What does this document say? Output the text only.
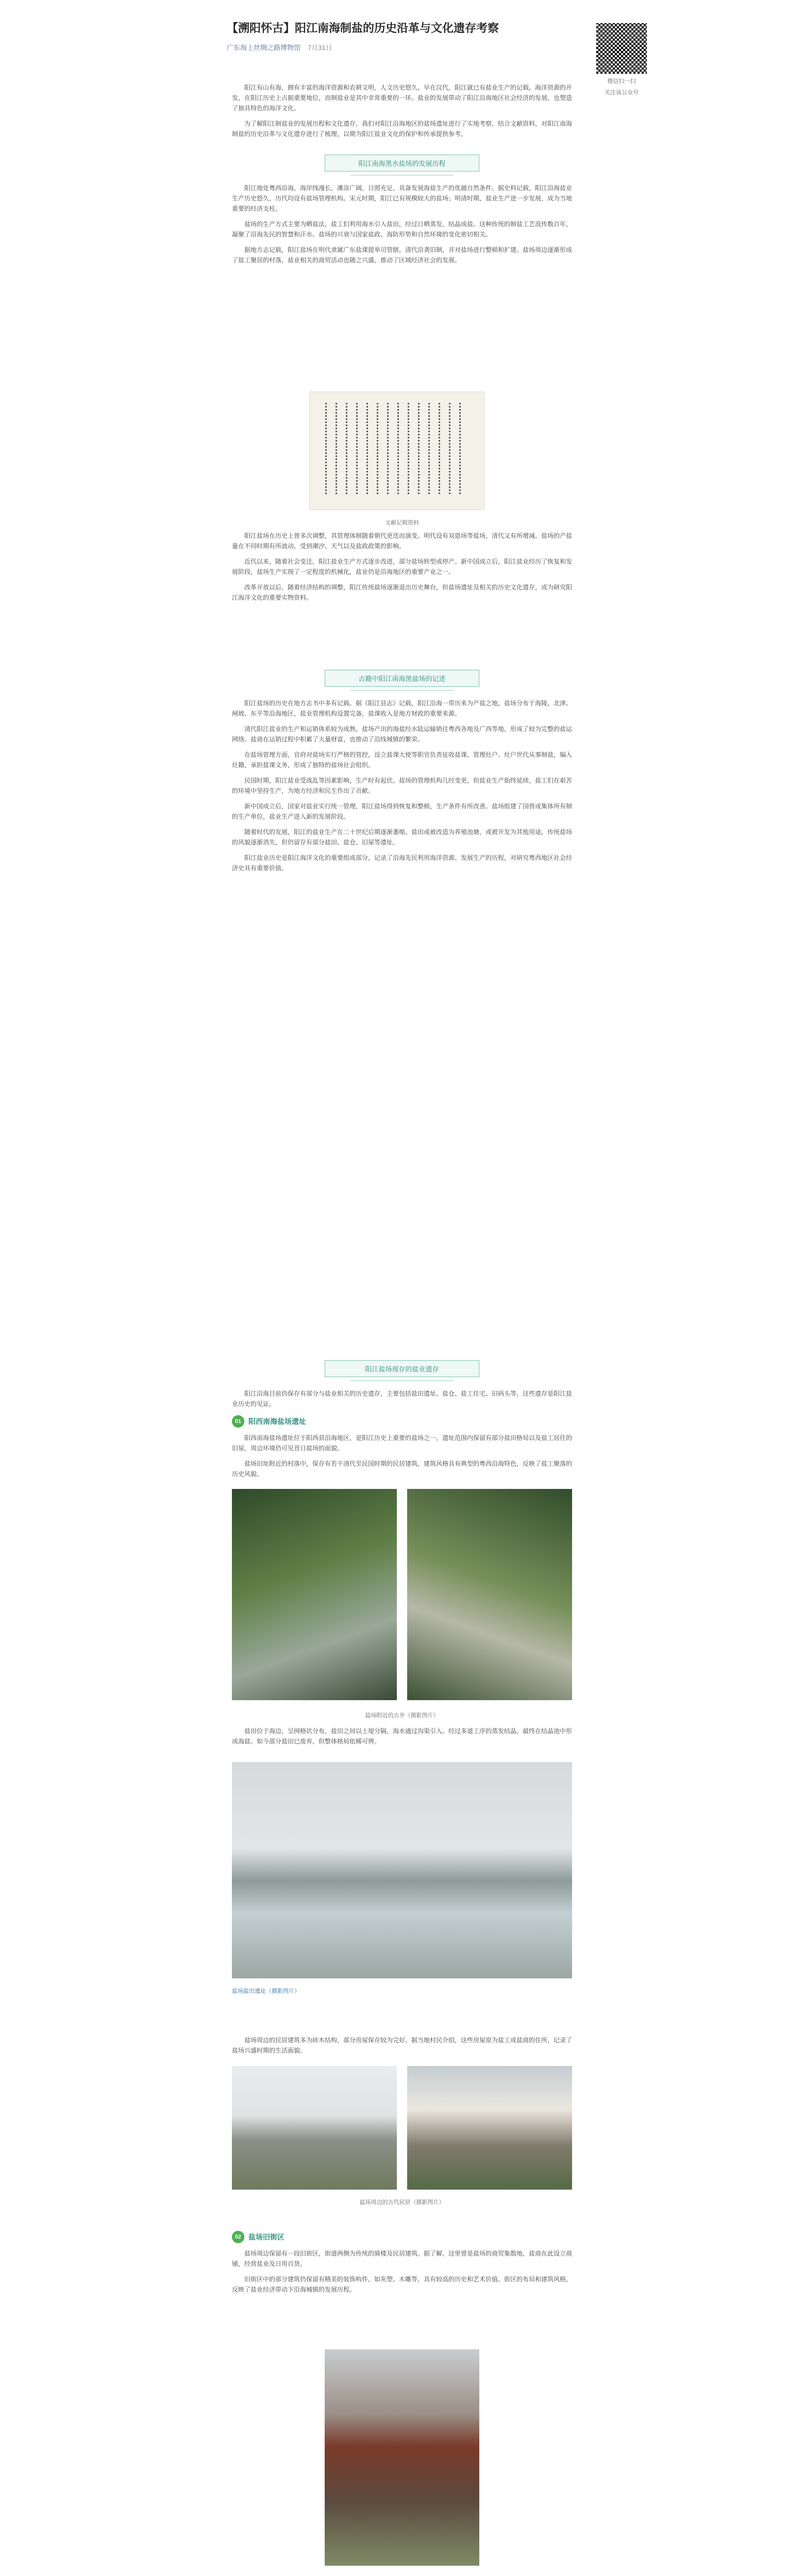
【溯阳怀古】阳江南海制盐的历史沿革与文化遗存考察
广东海上丝绸之路博物馆 7月31日
微信扫一扫
关注该公众号

阳江有山有海，拥有丰富的海洋资源和农耕文明，人文历史悠久。早在汉代，阳江就已有盐业生产的记载。海洋资源的开发，在阳江历史上占据重要地位，而制盐业是其中非常重要的一环。盐业的发展带动了阳江沿海地区社会经济的发展，也塑造了独具特色的海洋文化。

为了解阳江制盐业的发展历程和文化遗存，我们对阳江沿海地区的盐场遗址进行了实地考察，结合文献资料，对阳江南海制盐的历史沿革与文化遗存进行了梳理，以期为阳江盐业文化的保护和传承提供参考。

阳江南海黑水盐场的发展历程

阳江地处粤西沿海，海岸线漫长，滩涂广阔，日照充足，具备发展海盐生产的优越自然条件。据史料记载，阳江沿海盐业生产历史悠久，历代均设有盐场管理机构。宋元时期，阳江已有规模较大的盐场；明清时期，盐业生产进一步发展，成为当地重要的经济支柱。

盐场的生产方式主要为晒盐法，盐工们利用海水引入盐田，经过日晒蒸发、结晶成盐。这种传统的制盐工艺流传数百年，凝聚了沿海先民的智慧和汗水。盐场的兴衰与国家盐政、海防形势和自然环境的变化密切相关。

据地方志记载，阳江盐场在明代隶属广东盐课提举司管辖，清代沿袭旧制，并对盐场进行整顿和扩建。盐场周边逐渐形成了盐工聚居的村落，盐业相关的商贸活动也随之兴盛，推动了区域经济社会的发展。

文献记载资料

阳江盐场在历史上曾多次调整，其管理体制随着朝代更迭而演变。明代设有双恩场等盐场，清代又有所增减。盐场的产盐量在不同时期有所波动，受到潮汐、天气以及盐政政策的影响。

近代以来，随着社会变迁，阳江盐业生产方式逐步改进，部分盐场转型或停产。新中国成立后，阳江盐业经历了恢复和发展阶段，盐场生产实现了一定程度的机械化，盐业仍是沿海地区的重要产业之一。

改革开放以后，随着经济结构的调整，阳江传统盐场逐渐退出历史舞台，但盐场遗址及相关的历史文化遗存，成为研究阳江海洋文化的重要实物资料。

古籍中阳江南海黑盐场的记述

阳江盐场的历史在地方志书中多有记载。据《阳江县志》记载，阳江沿海一带历来为产盐之地，盐场分布于海陵、北津、闸坡、东平等沿海地区，盐业管理机构设置完备，盐课收入是地方财政的重要来源。

清代阳江盐业的生产和运销体系较为成熟，盐场产出的海盐经水陆运输销往粤西各地及广西等地，形成了较为完整的盐运网络。盐商在运销过程中积累了大量财富，也推动了沿线城镇的繁荣。

在盐场管理方面，官府对盐场实行严格的管控，设立盐课大使等职官负责征收盐课、管理灶户。灶户世代从事制盐，编入灶籍，承担盐课义务，形成了独特的盐场社会组织。

民国时期，阳江盐业受战乱等因素影响，生产时有起伏。盐场的管理机构几经变更，但盐业生产始终延续，盐工们在艰苦的环境中坚持生产，为地方经济和民生作出了贡献。

新中国成立后，国家对盐业实行统一管理，阳江盐场得到恢复和整顿，生产条件有所改善。盐场组建了国营或集体所有制的生产单位，盐业生产进入新的发展阶段。

随着时代的发展，阳江的盐业生产在二十世纪后期逐渐萎缩。盐田或被改造为养殖池塘，或被开发为其他用途，传统盐场的风貌逐渐消失，但仍留存有部分盐田、盐仓、旧屋等遗址。

阳江盐业历史是阳江海洋文化的重要组成部分，记录了沿海先民利用海洋资源、发展生产的历程，对研究粤西地区社会经济史具有重要价值。

阳江盐场现存的盐业遗存

阳江沿海目前仍保存有部分与盐业相关的历史遗存，主要包括盐田遗址、盐仓、盐工住宅、旧码头等，这些遗存是阳江盐业历史的见证。

01 阳西南海盐场遗址

阳西南海盐场遗址位于阳西县沿海地区，是阳江历史上重要的盐场之一。遗址范围内保留有部分盐田格局以及盐工居住的旧屋，周边环境仍可见昔日盐场的面貌。

盐场旧址附近的村落中，保存有若干清代至民国时期的民居建筑，建筑风格具有典型的粤西沿海特色，反映了盐工聚落的历史风貌。

盐场附近的古井（摄影图片）

盐田位于海边，呈网格状分布，盐田之间以土堤分隔，海水通过沟渠引入。经过多道工序的蒸发结晶，最终在结晶池中形成海盐。如今部分盐田已废弃，但整体格局依稀可辨。

盐场盐田遗址（摄影图片）

盐场周边的民居建筑多为砖木结构，部分房屋保存较为完好。据当地村民介绍，这些房屋原为盐工或盐商的住所，记录了盐场兴盛时期的生活面貌。

盐场周边的古代民居（摄影图片）
02 盐场旧街区

盐场周边保留有一段旧街区，街道两侧为传统的骑楼及民居建筑。据了解，这里曾是盐场的商贸集散地，盐商在此设立商铺，经营盐业及日用百货。

旧街区中的部分建筑仍保留有精美的装饰构件，如灰塑、木雕等，具有较高的历史和艺术价值。街区的布局和建筑风格，反映了盐业经济带动下沿海城镇的发展历程。
